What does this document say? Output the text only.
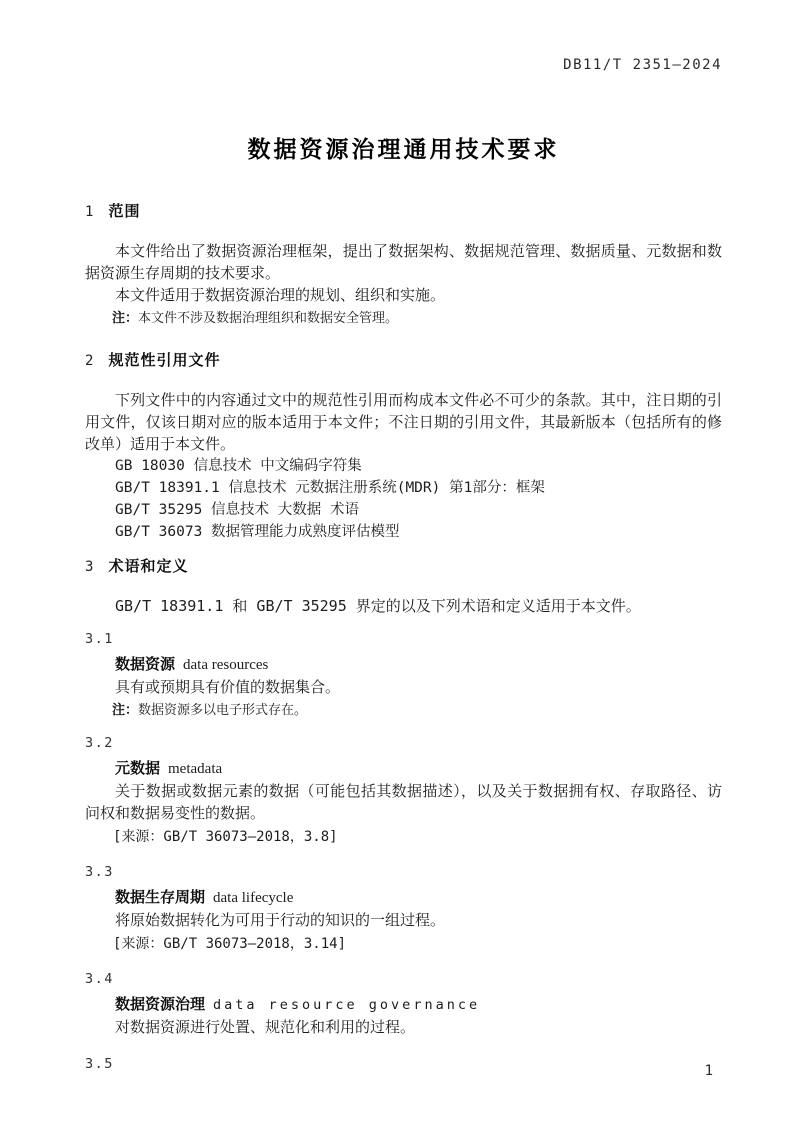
DB11/T 2351—2024
数据资源治理通用技术要求
1 范围

本文件给出了数据资源治理框架，提出了数据架构、数据规范管理、数据质量、元数据和数据资源生存周期的技术要求。

本文件适用于数据资源治理的规划、组织和实施。

注：本文件不涉及数据治理组织和数据安全管理。

2 规范性引用文件

下列文件中的内容通过文中的规范性引用而构成本文件必不可少的条款。其中，注日期的引用文件，仅该日期对应的版本适用于本文件；不注日期的引用文件，其最新版本（包括所有的修改单）适用于本文件。

GB 18030 信息技术 中文编码字符集
GB/T 18391.1 信息技术 元数据注册系统(MDR) 第1部分：框架
GB/T 35295 信息技术 大数据 术语
GB/T 36073 数据管理能力成熟度评估模型
3 术语和定义

GB/T 18391.1 和 GB/T 35295 界定的以及下列术语和定义适用于本文件。

3.1
数据资源 data resources

具有或预期具有价值的数据集合。

注：数据资源多以电子形式存在。

3.2
元数据 metadata

关于数据或数据元素的数据（可能包括其数据描述），以及关于数据拥有权、存取路径、访问权和数据易变性的数据。

[来源：GB/T 36073—2018，3.8]

3.3
数据生存周期 data lifecycle

将原始数据转化为可用于行动的知识的一组过程。

[来源：GB/T 36073—2018，3.14]

3.4
数据资源治理 data resource governance

对数据资源进行处置、规范化和利用的过程。

3.5	1
